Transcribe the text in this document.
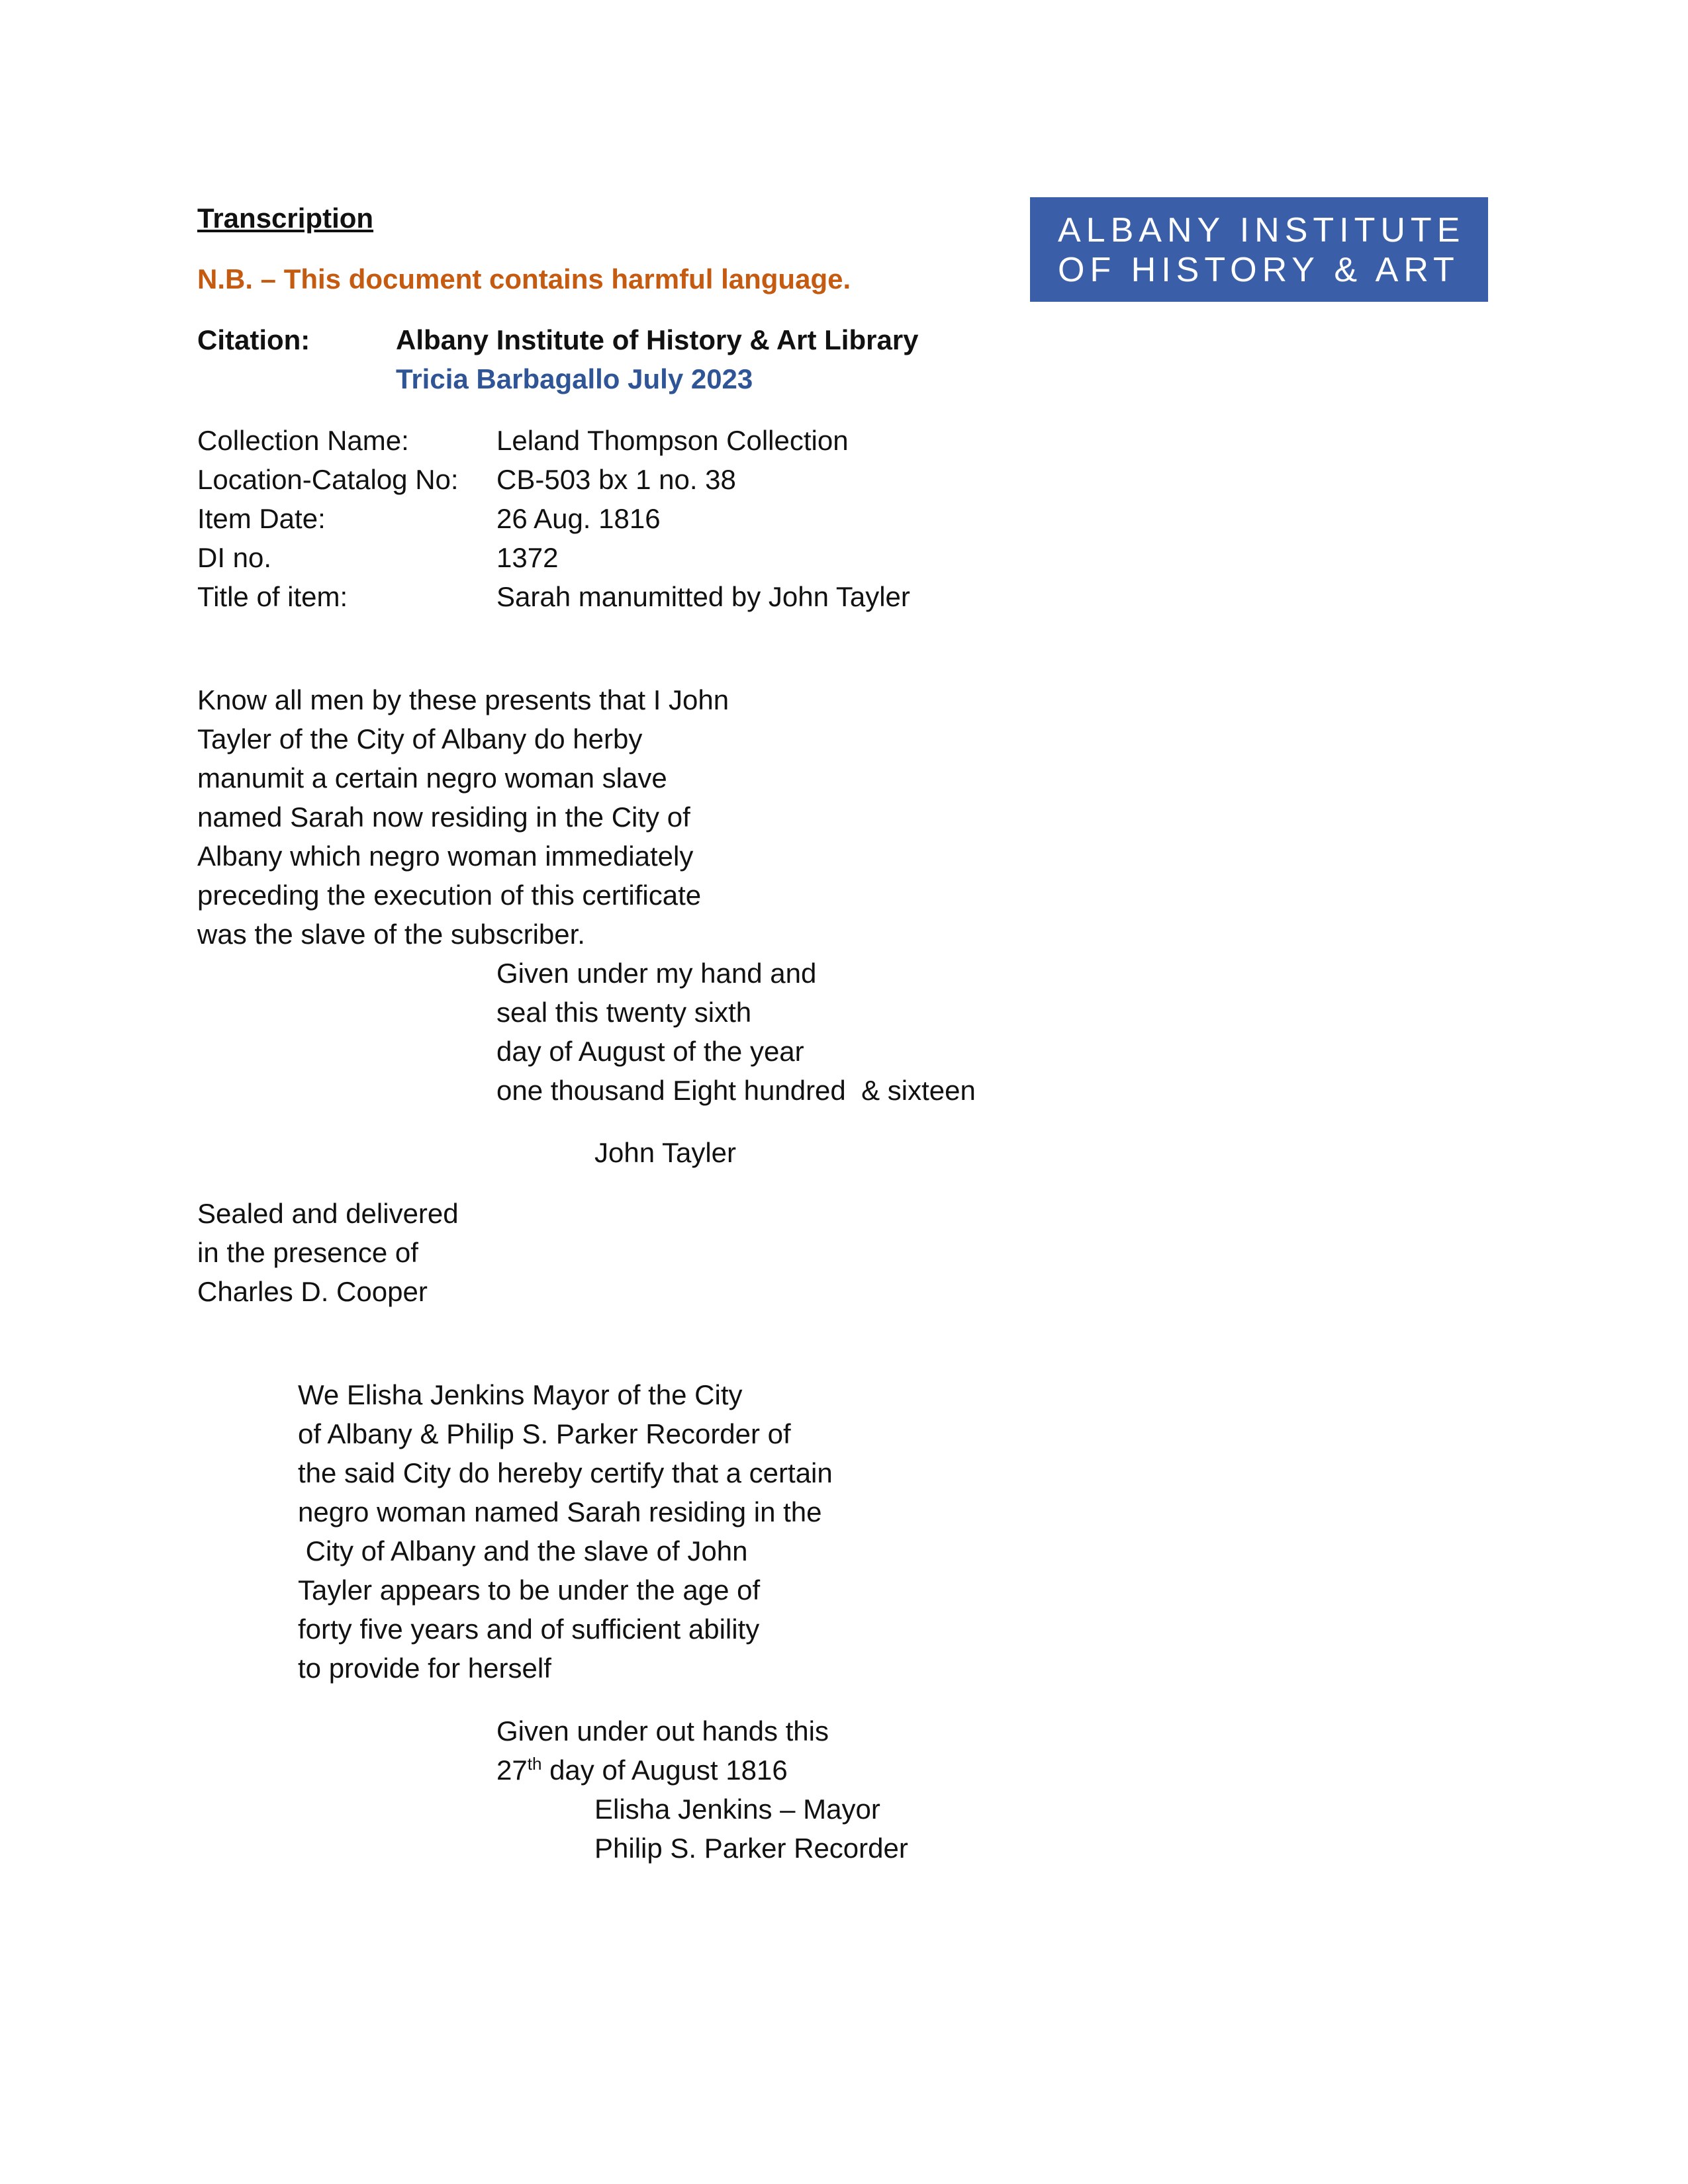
ALBANY INSTITUTE
OF HISTORY & ART
Transcription
N.B. – This document contains harmful language.
Citation:	Albany Institute of History & Art Library
Tricia Barbagallo July 2023
Collection Name:	Leland Thompson Collection
Location-Catalog No:	CB-503 bx 1 no. 38
Item Date:	26 Aug. 1816
DI no.	1372
Title of item:	Sarah manumitted by John Tayler
Know all men by these presents that I John
Tayler of the City of Albany do herby
manumit a certain negro woman slave
named Sarah now residing in the City of
Albany which negro woman immediately
preceding the execution of this certificate
was the slave of the subscriber.
Given under my hand and
seal this twenty sixth
day of August of the year
one thousand Eight hundred  & sixteen
John Tayler
Sealed and delivered
in the presence of
Charles D. Cooper
We Elisha Jenkins Mayor of the City
of Albany & Philip S. Parker Recorder of
the said City do hereby certify that a certain
negro woman named Sarah residing in the
City of Albany and the slave of John
Tayler appears to be under the age of
forty five years and of sufficient ability
to provide for herself
Given under out hands this
27th day of August 1816
Elisha Jenkins – Mayor
Philip S. Parker Recorder
